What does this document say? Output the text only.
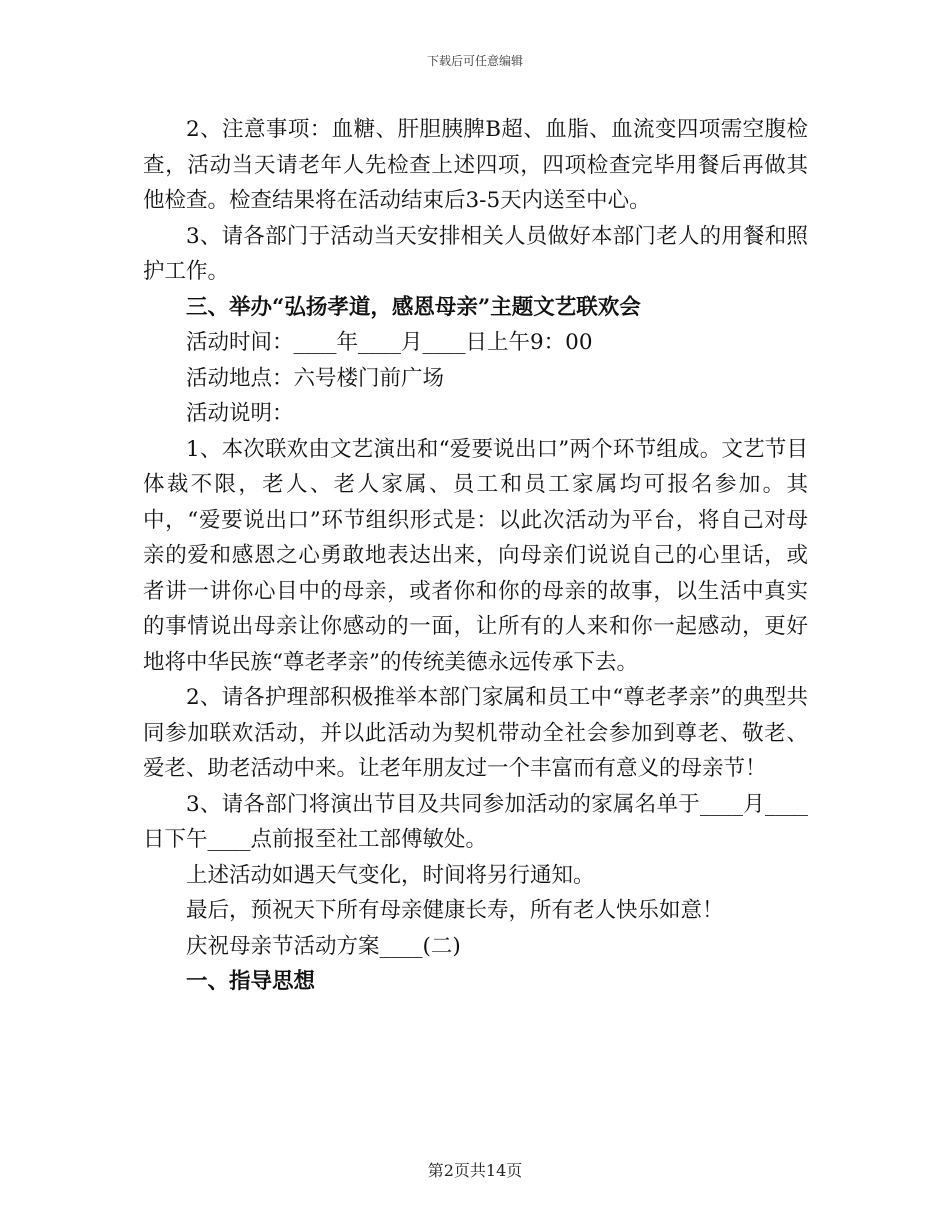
下载后可任意编辑

2、注意事项：血糖、肝胆胰脾B超、血脂、血流变四项需空腹检查，活动当天请老年人先检查上述四项，四项检查完毕用餐后再做其他检查。检查结果将在活动结束后3-5天内送至中心。

3、请各部门于活动当天安排相关人员做好本部门老人的用餐和照护工作。

三、举办“弘扬孝道，感恩母亲”主题文艺联欢会

活动时间：____年____月____日上午9：00

活动地点：六号楼门前广场

活动说明：

1、本次联欢由文艺演出和“爱要说出口”两个环节组成。文艺节目体裁不限，老人、老人家属、员工和员工家属均可报名参加。其中，“爱要说出口”环节组织形式是：以此次活动为平台，将自己对母亲的爱和感恩之心勇敢地表达出来，向母亲们说说自己的心里话，或者讲一讲你心目中的母亲，或者你和你的母亲的故事，以生活中真实的事情说出母亲让你感动的一面，让所有的人来和你一起感动，更好地将中华民族“尊老孝亲”的传统美德永远传承下去。

2、请各护理部积极推举本部门家属和员工中“尊老孝亲”的典型共同参加联欢活动，并以此活动为契机带动全社会参加到尊老、敬老、爱老、助老活动中来。让老年朋友过一个丰富而有意义的母亲节！

3、请各部门将演出节目及共同参加活动的家属名单于____月____日下午____点前报至社工部傅敏处。

上述活动如遇天气变化，时间将另行通知。

最后，预祝天下所有母亲健康长寿，所有老人快乐如意！

庆祝母亲节活动方案____(二)

一、指导思想

第2页共14页
